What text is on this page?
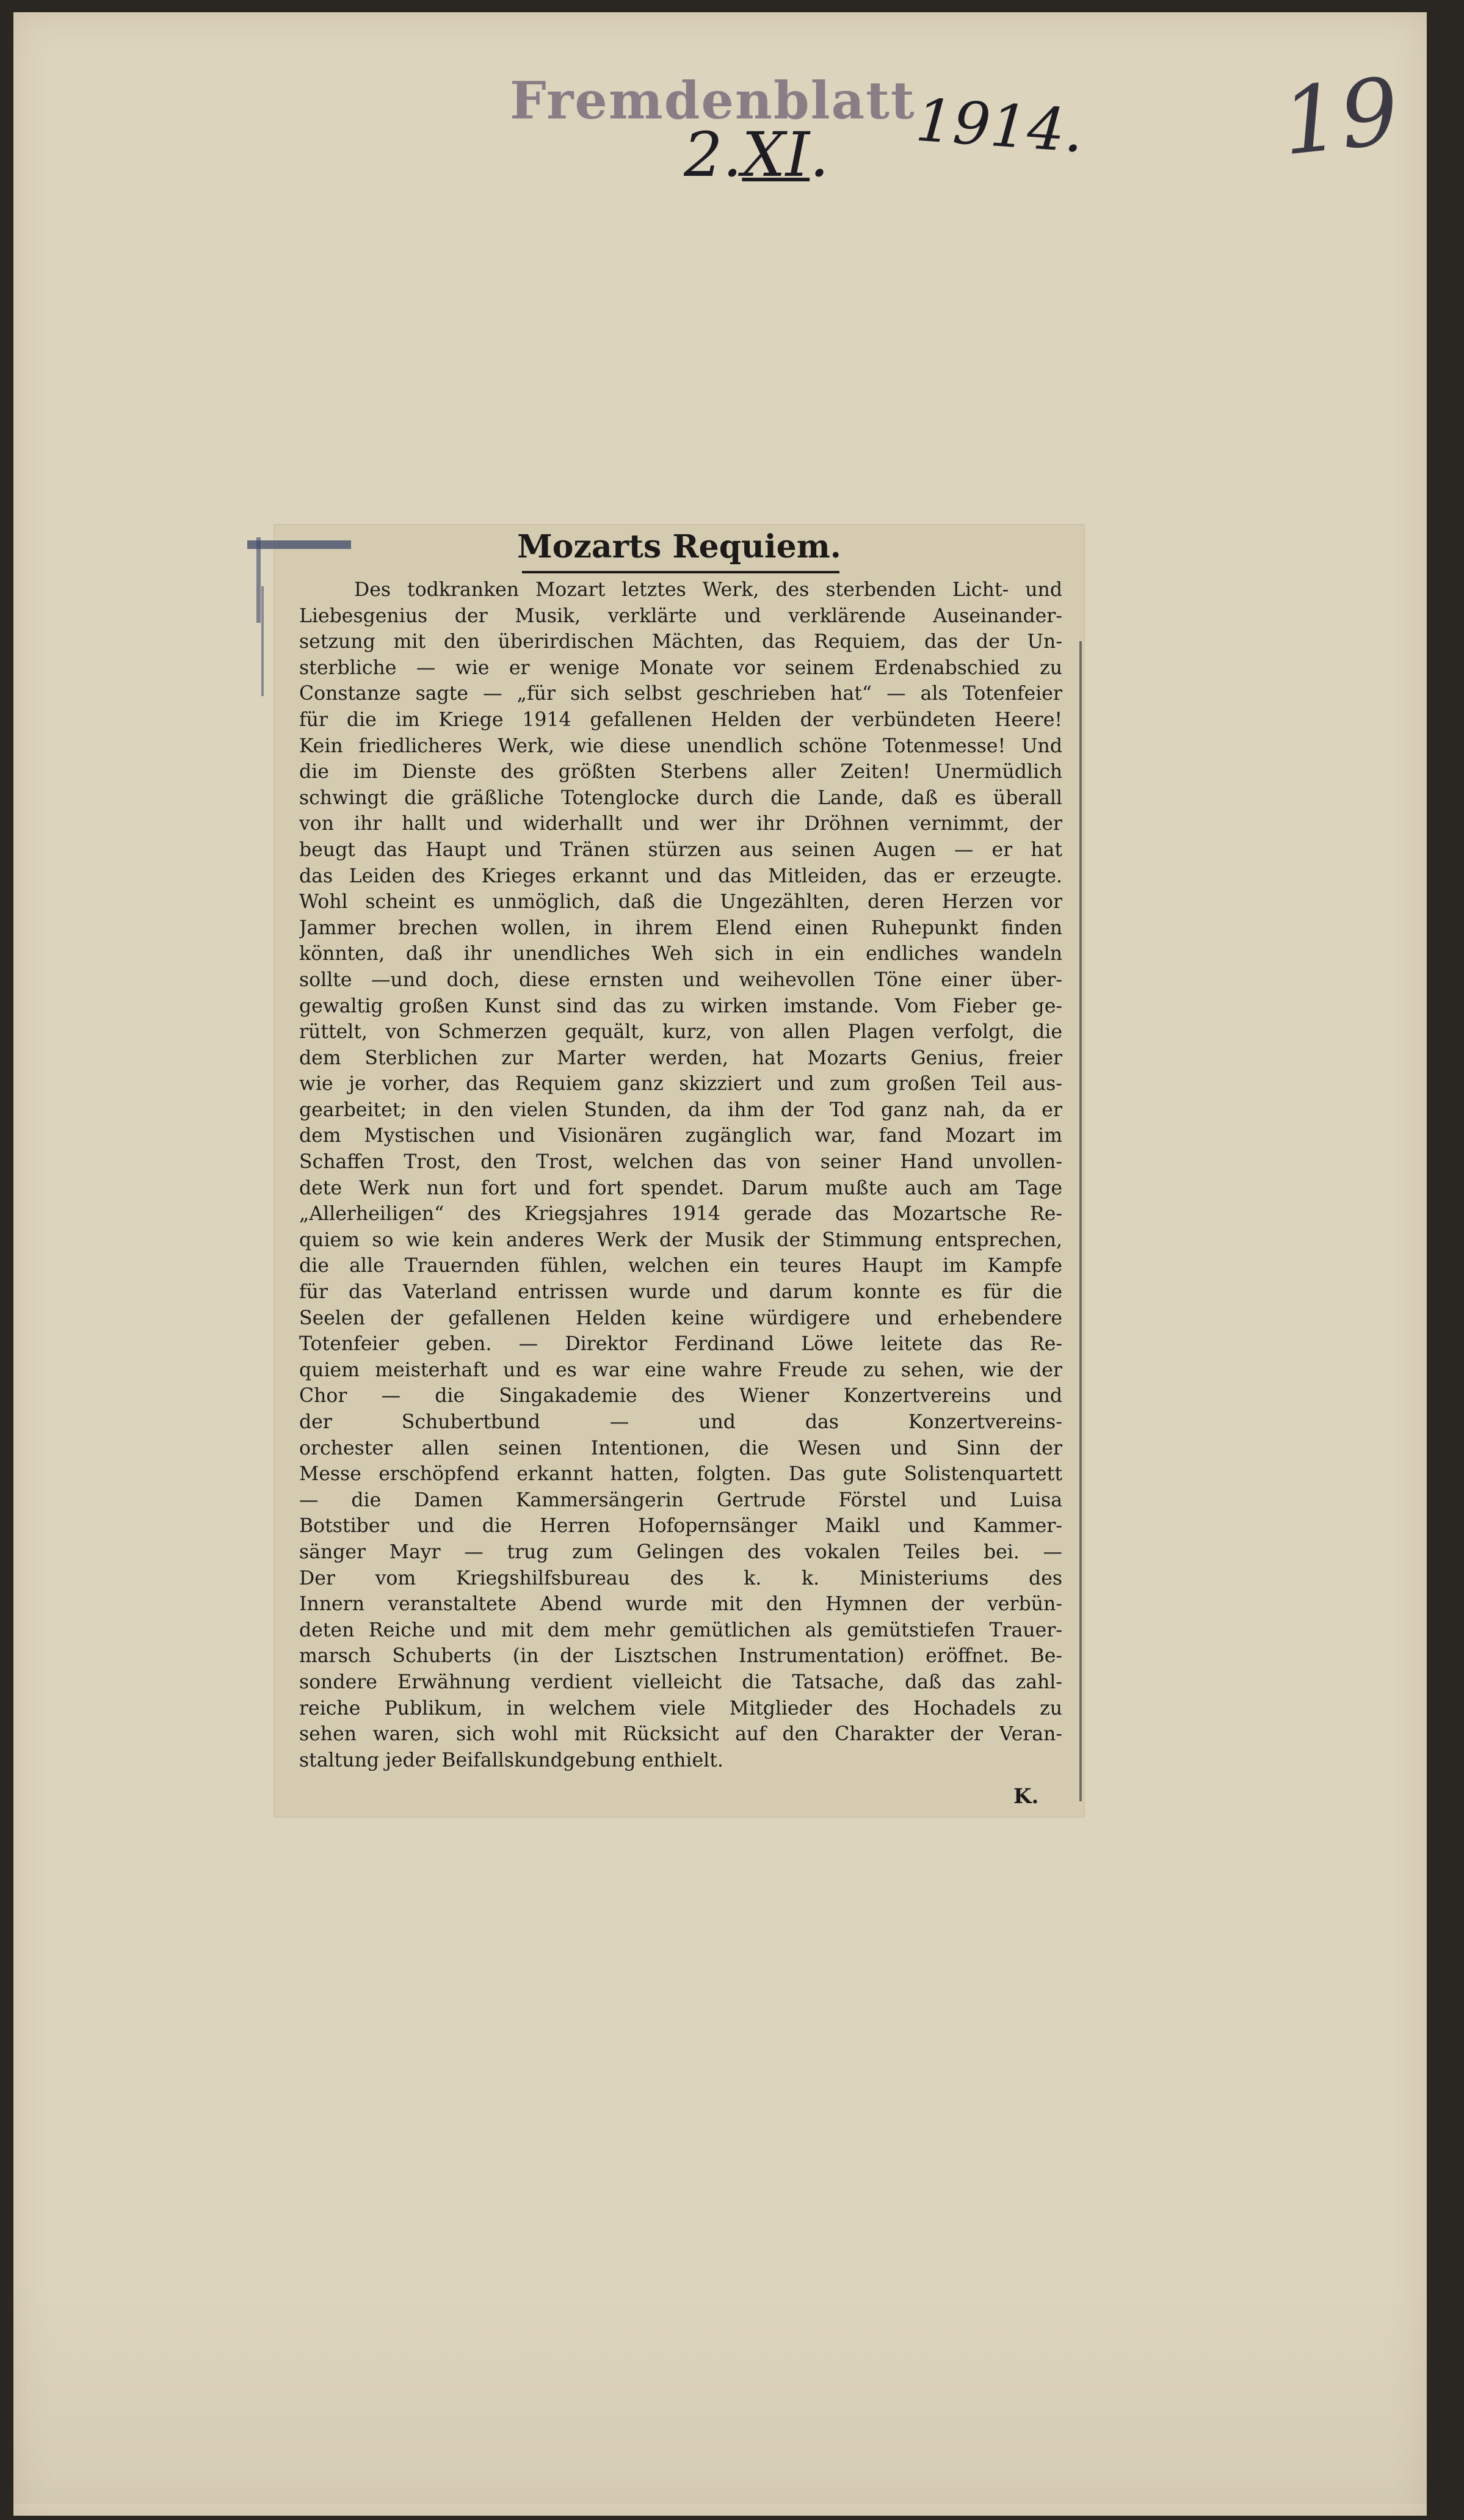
Fremdenblatt
2.XI. 1914. 19
Mozarts Requiem.
Des todkranken Mozart letztes Werk, des sterbenden Licht- und
Liebesgenius der Musik, verklärte und verklärende Auseinander-
setzung mit den überirdischen Mächten, das Requiem, das der Un-
sterbliche — wie er wenige Monate vor seinem Erdenabschied zu
Constanze sagte — „für sich selbst geschrieben hat“ — als Totenfeier
für die im Kriege 1914 gefallenen Helden der verbündeten Heere!
Kein friedlicheres Werk, wie diese unendlich schöne Totenmesse! Und
die im Dienste des größten Sterbens aller Zeiten! Unermüdlich
schwingt die gräßliche Totenglocke durch die Lande, daß es überall
von ihr hallt und widerhallt und wer ihr Dröhnen vernimmt, der
beugt das Haupt und Tränen stürzen aus seinen Augen — er hat
das Leiden des Krieges erkannt und das Mitleiden, das er erzeugte.
Wohl scheint es unmöglich, daß die Ungezählten, deren Herzen vor
Jammer brechen wollen, in ihrem Elend einen Ruhepunkt finden
könnten, daß ihr unendliches Weh sich in ein endliches wandeln
sollte —und doch, diese ernsten und weihevollen Töne einer über-
gewaltig großen Kunst sind das zu wirken imstande. Vom Fieber ge-
rüttelt, von Schmerzen gequält, kurz, von allen Plagen verfolgt, die
dem Sterblichen zur Marter werden, hat Mozarts Genius, freier
wie je vorher, das Requiem ganz skizziert und zum großen Teil aus-
gearbeitet; in den vielen Stunden, da ihm der Tod ganz nah, da er
dem Mystischen und Visionären zugänglich war, fand Mozart im
Schaffen Trost, den Trost, welchen das von seiner Hand unvollen-
dete Werk nun fort und fort spendet. Darum mußte auch am Tage
„Allerheiligen“ des Kriegsjahres 1914 gerade das Mozartsche Re-
quiem so wie kein anderes Werk der Musik der Stimmung entsprechen,
die alle Trauernden fühlen, welchen ein teures Haupt im Kampfe
für das Vaterland entrissen wurde und darum konnte es für die
Seelen der gefallenen Helden keine würdigere und erhebendere
Totenfeier geben. — Direktor Ferdinand Löwe leitete das Re-
quiem meisterhaft und es war eine wahre Freude zu sehen, wie der
Chor — die Singakademie des Wiener Konzertvereins und
der Schubertbund — und das Konzertvereins-
orchester allen seinen Intentionen, die Wesen und Sinn der
Messe erschöpfend erkannt hatten, folgten. Das gute Solistenquartett
— die Damen Kammersängerin Gertrude Förstel und Luisa
Botstiber und die Herren Hofopernsänger Maikl und Kammer-
sänger Mayr — trug zum Gelingen des vokalen Teiles bei. —
Der vom Kriegshilfsbureau des k. k. Ministeriums des
Innern veranstaltete Abend wurde mit den Hymnen der verbün-
deten Reiche und mit dem mehr gemütlichen als gemütstiefen Trauer-
marsch Schuberts (in der Lisztschen Instrumentation) eröffnet. Be-
sondere Erwähnung verdient vielleicht die Tatsache, daß das zahl-
reiche Publikum, in welchem viele Mitglieder des Hochadels zu
sehen waren, sich wohl mit Rücksicht auf den Charakter der Veran-
staltung jeder Beifallskundgebung enthielt.
K.
